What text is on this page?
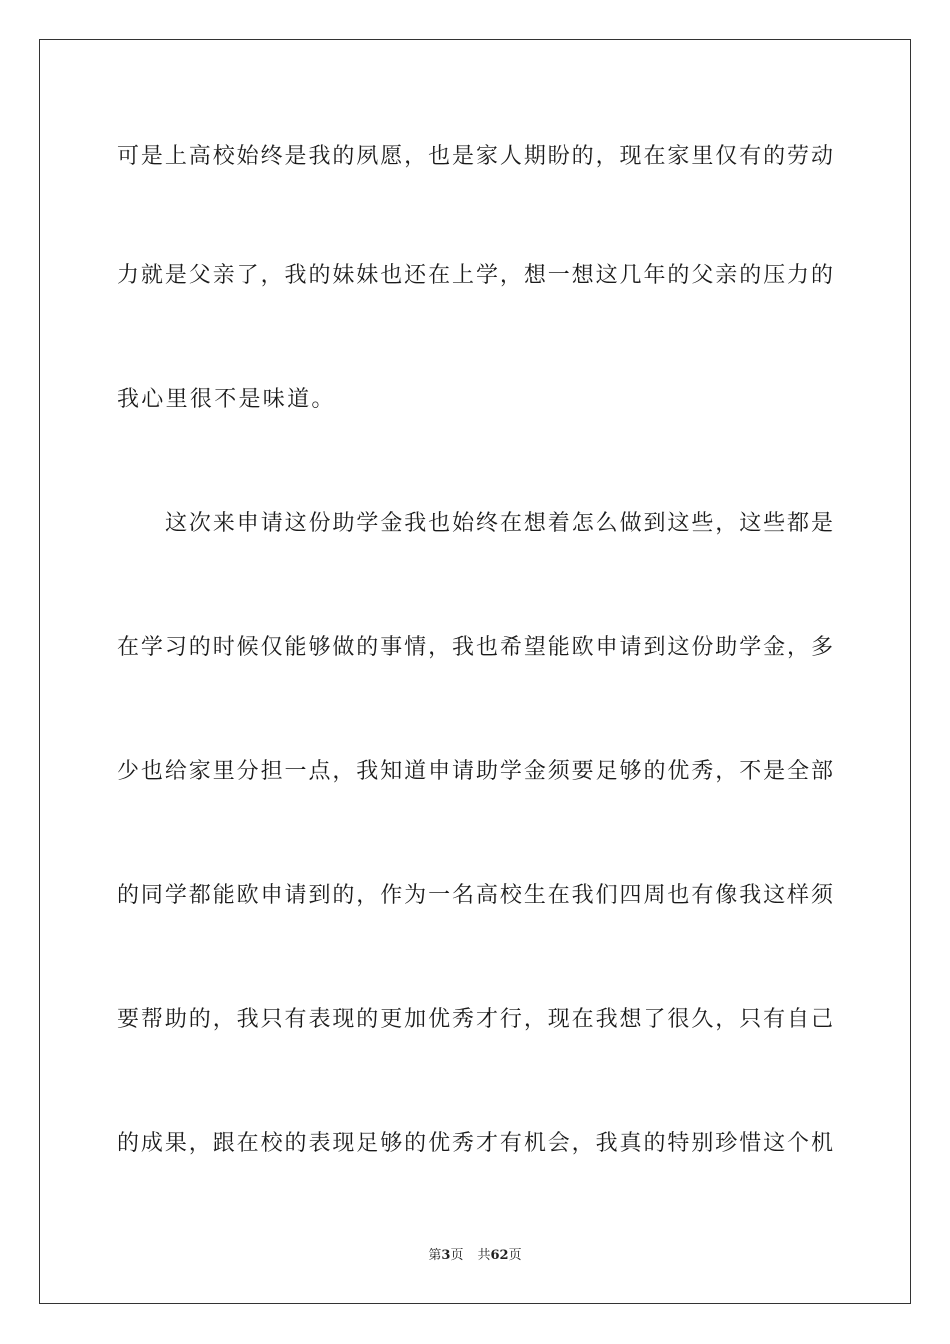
可是上高校始终是我的夙愿，也是家人期盼的，现在家里仅有的劳动
力就是父亲了，我的妹妹也还在上学，想一想这几年的父亲的压力的
我心里很不是味道。
这次来申请这份助学金我也始终在想着怎么做到这些，这些都是
在学习的时候仅能够做的事情，我也希望能欧申请到这份助学金，多
少也给家里分担一点，我知道申请助学金须要足够的优秀，不是全部
的同学都能欧申请到的，作为一名高校生在我们四周也有像我这样须
要帮助的，我只有表现的更加优秀才行，现在我想了很久，只有自己
的成果，跟在校的表现足够的优秀才有机会，我真的特别珍惜这个机
第3页 共62页
